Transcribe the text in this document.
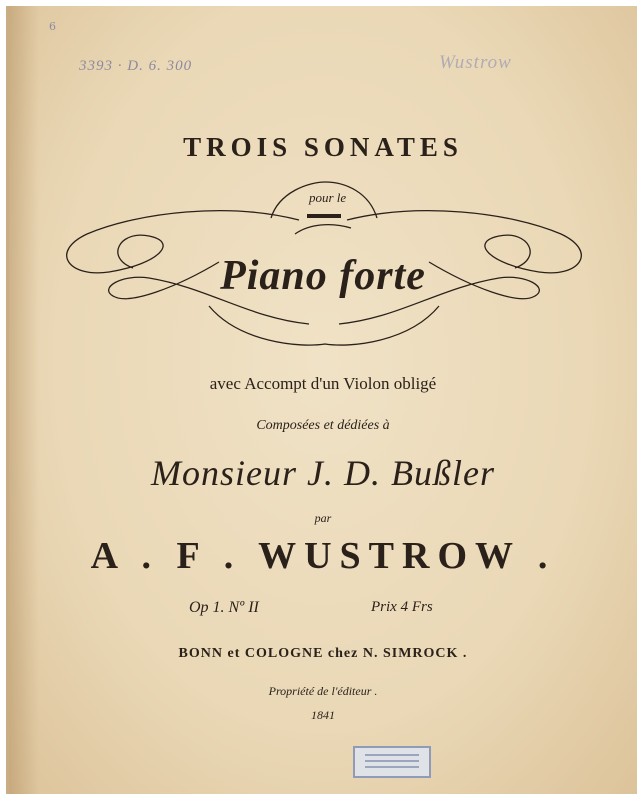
6
3393 · D. 6. 300	Wustrow
TROIS SONATES
pour le
Piano forte
avec Accompt d'un Violon obligé
Composées et dédiées à
Monsieur J. D. Bußler
par
A . F . WUSTROW .
Op 1. Nº II	Prix 4 Frs
BONN et COLOGNE chez N. SIMROCK .
Propriété de l'éditeur .
1841
